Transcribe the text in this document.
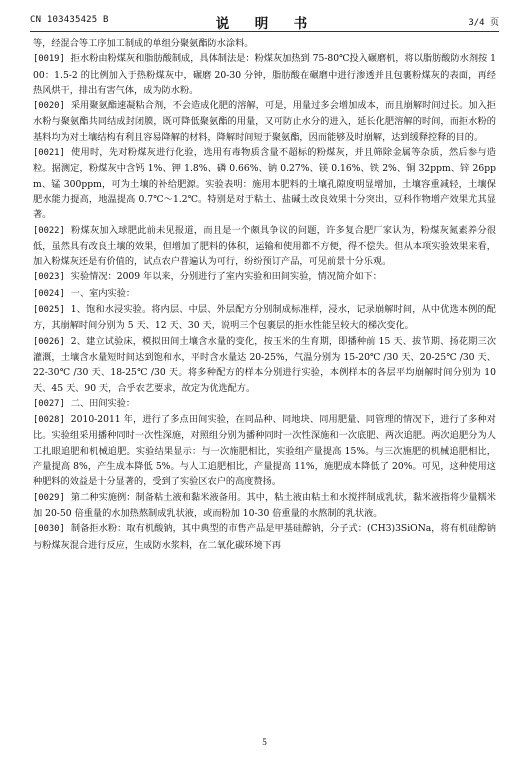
CN 103435425 B	说　明　书	3/4 页

等，经混合等工序加工制成的单组分聚氨酯防水涂料。

[0019] 拒水粉由粉煤灰和脂肪酸制成，具体制法是：粉煤灰加热到 75-80℃投入碾磨机，将以脂肪酸防水剂按 100：1.5-2 的比例加入于热粉煤灰中，碾磨 20-30 分钟，脂肪酸在碾磨中进行渗透并且包裹粉煤灰的表面，再经热风烘干，排出有害气体，成为防水粉。

[0020] 采用聚氨酯速凝粘合剂，不会造成化肥的溶解，可是，用量过多会增加成本，而且崩解时间过长。加入拒水粉与聚氨酯共同结成封闭膜，既可降低聚氨酯的用量，又可防止水分的进入，延长化肥溶解的时间，而拒水粉的基料均为对土壤结构有利且容易降解的材料，降解时间短于聚氨酯，因而能够及时崩解，达到缓释控释的目的。

[0021] 使用时，先对粉煤灰进行化验，选用有毒物质含量不超标的粉煤灰，并且筛除金属等杂质，然后参与造粒。据测定，粉煤灰中含钙 1%、钾 1.8%、磷 0.66%、钠 0.27%、镁 0.16%、铁 2%、铜 32ppm、锌 26ppm、锰 300ppm，可为土壤的补给肥源。实验表明：施用本肥料的土壤孔隙度明显增加，土壤容重减轻，土壤保肥水能力提高，地温提高 0.7℃～1.2℃。特别是对于粘土、盐碱土改良效果十分突出，豆科作物增产效果尤其显著。

[0022] 粉煤灰加入球肥此前未见报道，而且是一个颇具争议的问题，许多复合肥厂家认为，粉煤灰氮素养分很低，虽然具有改良土壤的效果，但增加了肥料的体积，运输和使用都不方便，得不偿失。但从本项实验效果来看，加入粉煤灰还是有价值的，试点农户普遍认为可行，纷纷预订产品，可见前景十分乐观。

[0023] 实验情况：2009 年以来，分别进行了室内实验和田间实验，情况简介如下：

[0024] 一、室内实验：

[0025] 1、饱和水浸实验。将内层、中层、外层配方分别制成标准样，浸水，记录崩解时间，从中优选本例的配方，其崩解时间分别为 5 天、12 天、30 天，说明三个包裹层的拒水性能呈较大的梯次变化。

[0026] 2、建立试验床，模拟田间土壤含水量的变化，按玉米的生育期，即播种前 15 天、拔节期、扬花期三次灌溉，土壤含水量短时间达到饱和水，平时含水量达 20-25%，气温分别为 15-20℃ /30 天、20-25℃ /30 天、22-30℃ /30 天、18-25℃ /30 天。将多种配方的样本分别进行实验，本例样本的各层平均崩解时间分别为 10 天、45 天、90 天，合乎农艺要求，故定为优选配方。

[0027] 二、田间实验：

[0028] 2010-2011 年，进行了多点田间实验，在同品种、同地块、同用肥量、同管理的情况下，进行了多种对比。实验组采用播种同时一次性深施，对照组分别为播种同时一次性深施和一次底肥、两次追肥。两次追肥分为人工扎眼追肥和机械追肥。实验结果显示：与一次施肥相比，实验组产量提高 15%。与三次施肥的机械追肥相比，产量提高 8%，产生成本降低 5%。与人工追肥相比，产量提高 11%，施肥成本降低了 20%。可见，这种使用这种肥料的效益是十分显著的，受到了实验区农户的高度赞扬。

[0029] 第二种实施例：制备粘土液和黏米液备用。其中，粘土液由粘土和水搅拌制成乳状，黏米液指将少量糯米加 20-50 倍重量的水加热熬制成乳状液，或而粉加 10-30 倍重量的水熬制的乳状液。

[0030] 制备拒水粉：取有机酸钠，其中典型的市售产品是甲基硅醇钠，分子式：(CH3)3SiONa，将有机硅醇钠与粉煤灰混合进行反应，生成防水浆料，在二氧化碳环境下再

5
